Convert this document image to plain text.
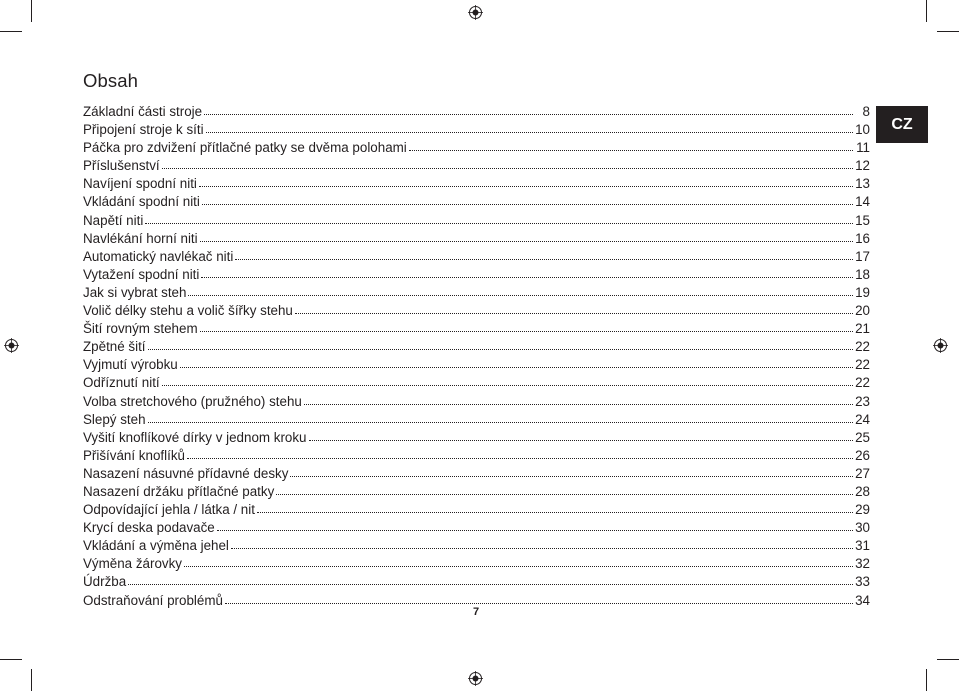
Obsah
Základní části stroje	8
Připojení stroje k síti	10
Páčka pro zdvižení přítlačné patky se dvěma polohami	11
Příslušenství	12
Navíjení spodní niti	13
Vkládání spodní niti	14
Napětí niti	15
Navlékání horní niti	16
Automatický navlékač niti	17
Vytažení spodní niti	18
Jak si vybrat steh	19
Volič délky stehu a volič šířky stehu	20
Šití rovným stehem	21
Zpětné šití	22
Vyjmutí výrobku	22
Odříznutí nití	22
Volba stretchového (pružného) stehu	23
Slepý steh	24
Vyšití knoflíkové dírky v jednom kroku	25
Přišívání knoflíků	26
Nasazení násuvné přídavné desky	27
Nasazení držáku přítlačné patky	28
Odpovídající jehla / látka / nit	29
Krycí deska podavače	30
Vkládání a výměna jehel	31
Výměna žárovky	32
Údržba	33
Odstraňování problémů	34
CZ
7
